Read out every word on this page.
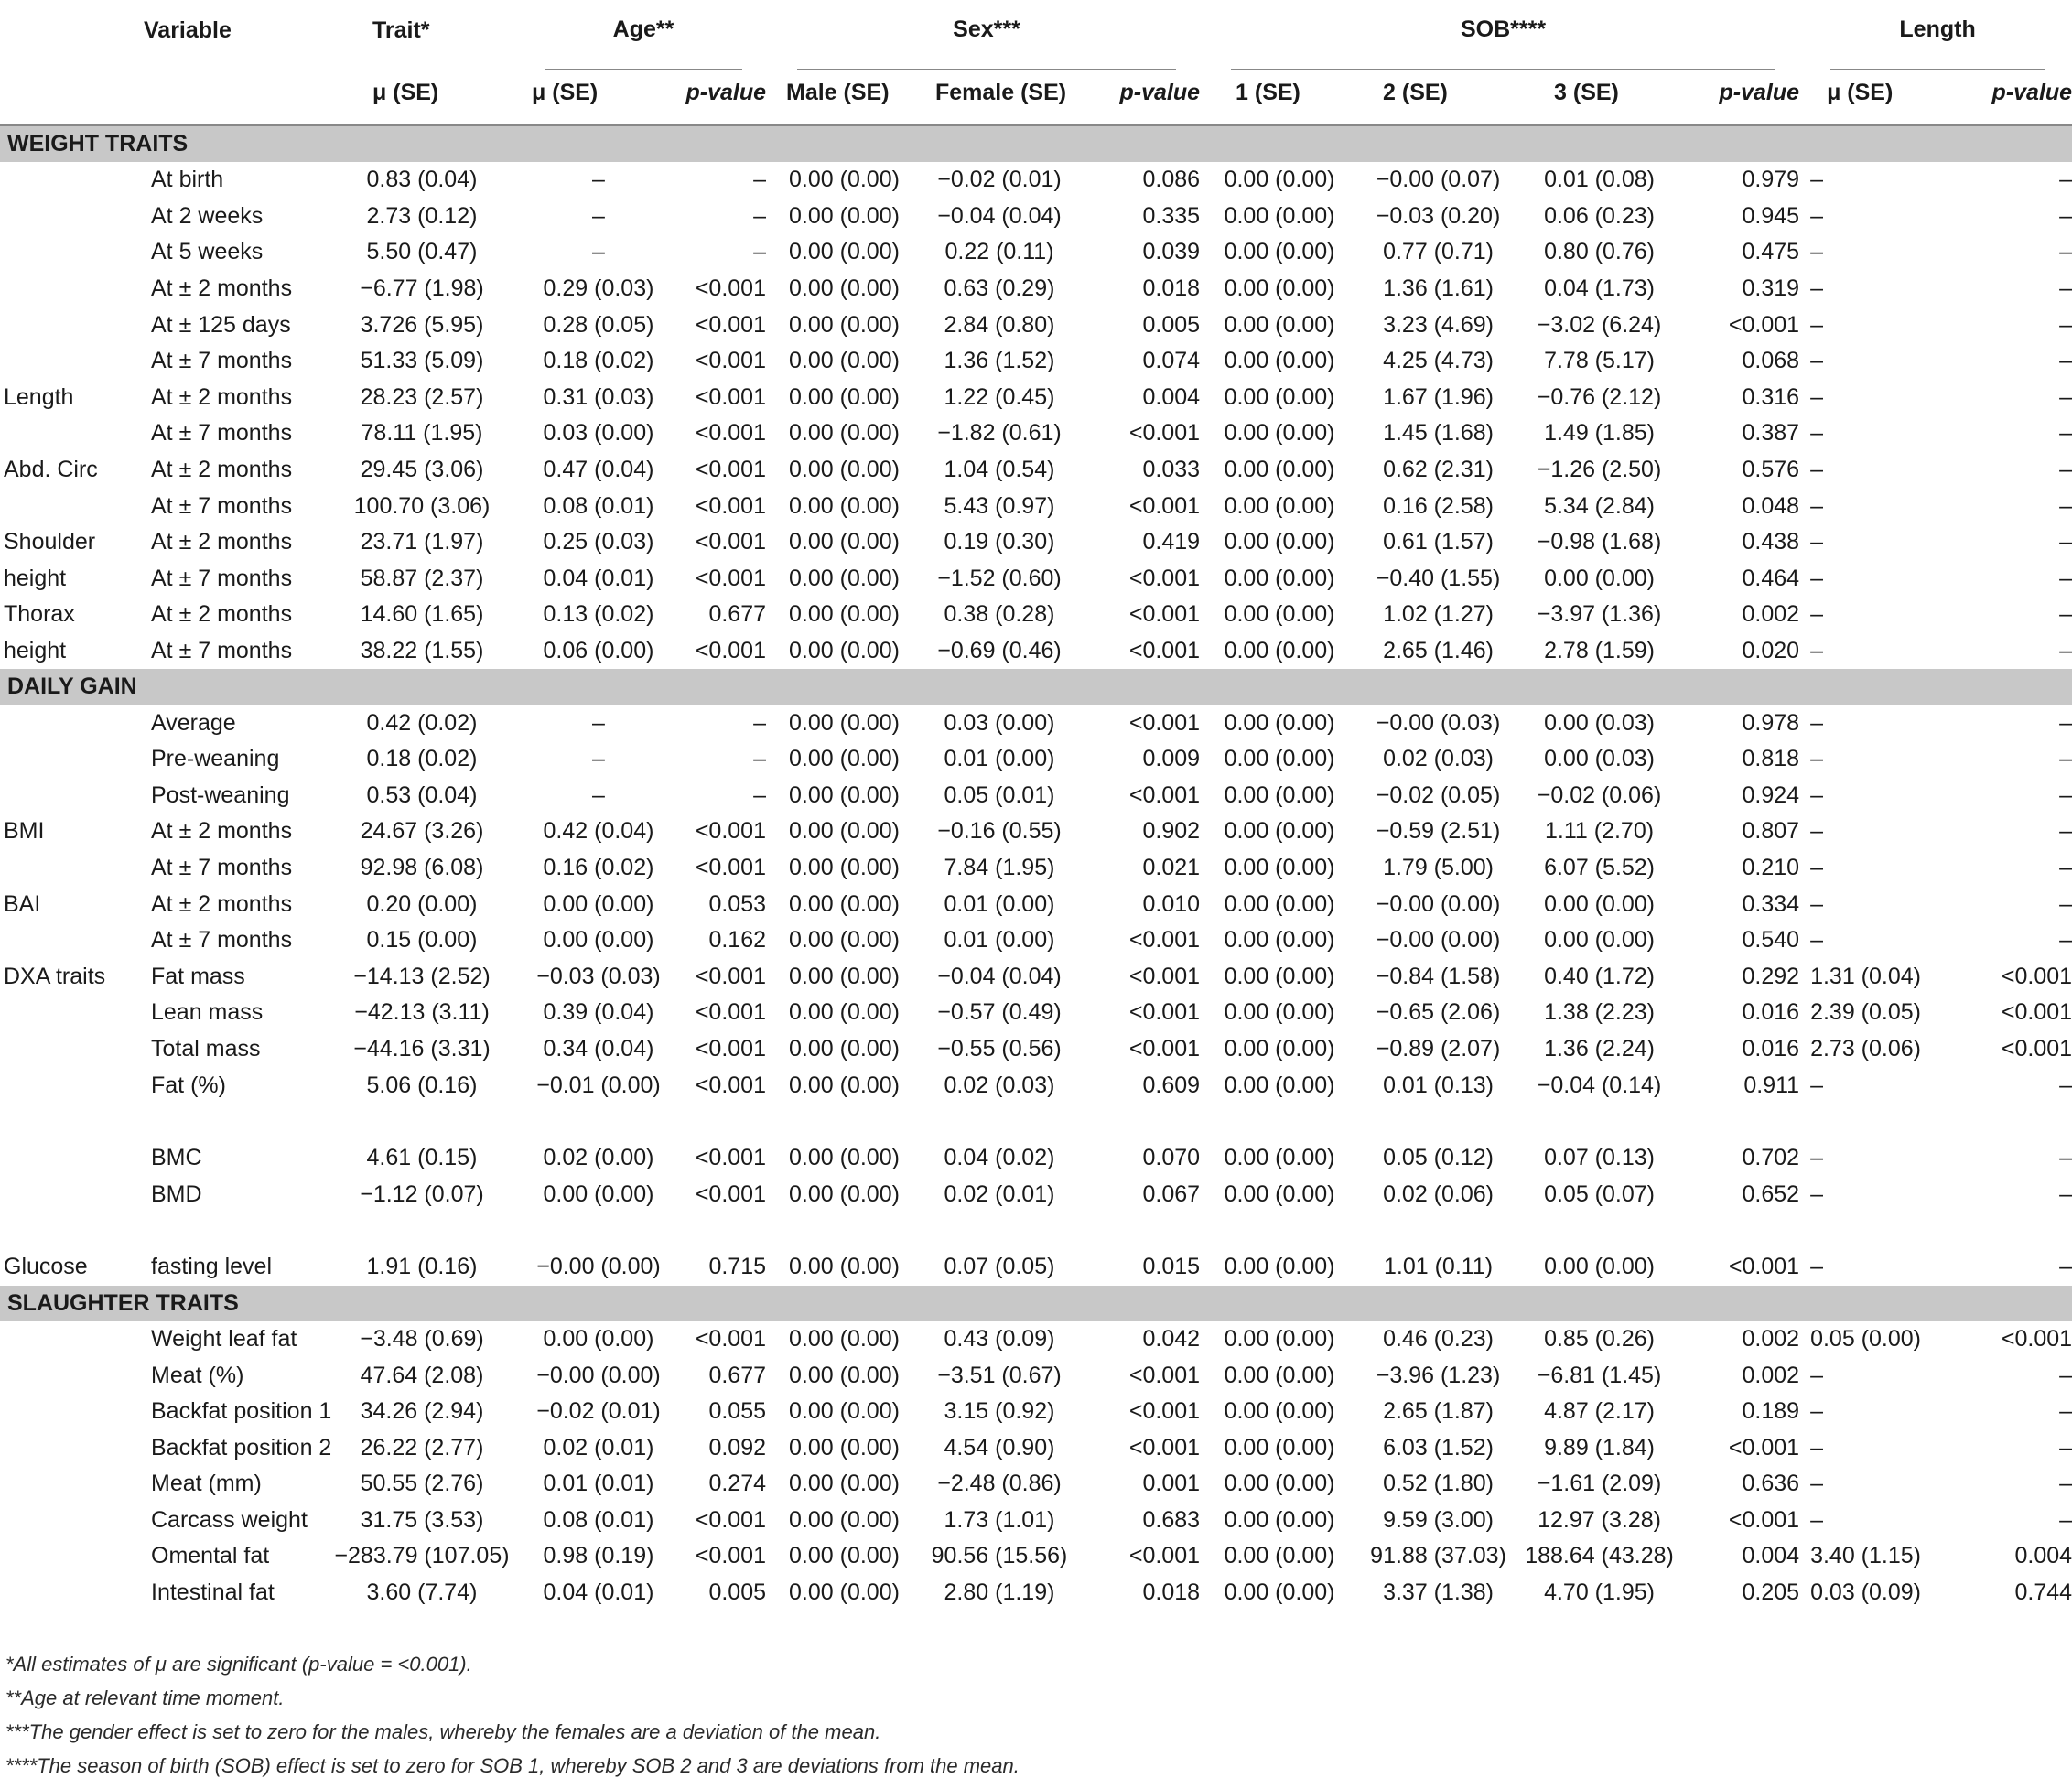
	Variable	Trait*	Age**		Sex***			SOB****				Length	

		μ (SE)	μ (SE)	p-value	Male (SE)	Female (SE)	p-value	1 (SE)	2 (SE)	3 (SE)	p-value	μ (SE)	p-value
WEIGHT TRAITS													
	At birth	0.83 (0.04)	–	–	0.00 (0.00)	−0.02 (0.01)	0.086	0.00 (0.00)	−0.00 (0.07)	0.01 (0.08)	0.979	–	–
	At 2 weeks	2.73 (0.12)	–	–	0.00 (0.00)	−0.04 (0.04)	0.335	0.00 (0.00)	−0.03 (0.20)	0.06 (0.23)	0.945	–	–
	At 5 weeks	5.50 (0.47)	–	–	0.00 (0.00)	0.22 (0.11)	0.039	0.00 (0.00)	0.77 (0.71)	0.80 (0.76)	0.475	–	–
	At ± 2 months	−6.77 (1.98)	0.29 (0.03)	<0.001	0.00 (0.00)	0.63 (0.29)	0.018	0.00 (0.00)	1.36 (1.61)	0.04 (1.73)	0.319	–	–
	At ± 125 days	3.726 (5.95)	0.28 (0.05)	<0.001	0.00 (0.00)	2.84 (0.80)	0.005	0.00 (0.00)	3.23 (4.69)	−3.02 (6.24)	<0.001	–	–
	At ± 7 months	51.33 (5.09)	0.18 (0.02)	<0.001	0.00 (0.00)	1.36 (1.52)	0.074	0.00 (0.00)	4.25 (4.73)	7.78 (5.17)	0.068	–	–
Length	At ± 2 months	28.23 (2.57)	0.31 (0.03)	<0.001	0.00 (0.00)	1.22 (0.45)	0.004	0.00 (0.00)	1.67 (1.96)	−0.76 (2.12)	0.316	–	–
	At ± 7 months	78.11 (1.95)	0.03 (0.00)	<0.001	0.00 (0.00)	−1.82 (0.61)	<0.001	0.00 (0.00)	1.45 (1.68)	1.49 (1.85)	0.387	–	–
Abd. Circ	At ± 2 months	29.45 (3.06)	0.47 (0.04)	<0.001	0.00 (0.00)	1.04 (0.54)	0.033	0.00 (0.00)	0.62 (2.31)	−1.26 (2.50)	0.576	–	–
	At ± 7 months	100.70 (3.06)	0.08 (0.01)	<0.001	0.00 (0.00)	5.43 (0.97)	<0.001	0.00 (0.00)	0.16 (2.58)	5.34 (2.84)	0.048	–	–
Shoulder	At ± 2 months	23.71 (1.97)	0.25 (0.03)	<0.001	0.00 (0.00)	0.19 (0.30)	0.419	0.00 (0.00)	0.61 (1.57)	−0.98 (1.68)	0.438	–	–
height	At ± 7 months	58.87 (2.37)	0.04 (0.01)	<0.001	0.00 (0.00)	−1.52 (0.60)	<0.001	0.00 (0.00)	−0.40 (1.55)	0.00 (0.00)	0.464	–	–
Thorax	At ± 2 months	14.60 (1.65)	0.13 (0.02)	0.677	0.00 (0.00)	0.38 (0.28)	<0.001	0.00 (0.00)	1.02 (1.27)	−3.97 (1.36)	0.002	–	–
height	At ± 7 months	38.22 (1.55)	0.06 (0.00)	<0.001	0.00 (0.00)	−0.69 (0.46)	<0.001	0.00 (0.00)	2.65 (1.46)	2.78 (1.59)	0.020	–	–
DAILY GAIN													
	Average	0.42 (0.02)	–	–	0.00 (0.00)	0.03 (0.00)	<0.001	0.00 (0.00)	−0.00 (0.03)	0.00 (0.03)	0.978	–	–
	Pre-weaning	0.18 (0.02)	–	–	0.00 (0.00)	0.01 (0.00)	0.009	0.00 (0.00)	0.02 (0.03)	0.00 (0.03)	0.818	–	–
	Post-weaning	0.53 (0.04)	–	–	0.00 (0.00)	0.05 (0.01)	<0.001	0.00 (0.00)	−0.02 (0.05)	−0.02 (0.06)	0.924	–	–
BMI	At ± 2 months	24.67 (3.26)	0.42 (0.04)	<0.001	0.00 (0.00)	−0.16 (0.55)	0.902	0.00 (0.00)	−0.59 (2.51)	1.11 (2.70)	0.807	–	–
	At ± 7 months	92.98 (6.08)	0.16 (0.02)	<0.001	0.00 (0.00)	7.84 (1.95)	0.021	0.00 (0.00)	1.79 (5.00)	6.07 (5.52)	0.210	–	–
BAI	At ± 2 months	0.20 (0.00)	0.00 (0.00)	0.053	0.00 (0.00)	0.01 (0.00)	0.010	0.00 (0.00)	−0.00 (0.00)	0.00 (0.00)	0.334	–	–
	At ± 7 months	0.15 (0.00)	0.00 (0.00)	0.162	0.00 (0.00)	0.01 (0.00)	<0.001	0.00 (0.00)	−0.00 (0.00)	0.00 (0.00)	0.540	–	–
DXA traits	Fat mass	−14.13 (2.52)	−0.03 (0.03)	<0.001	0.00 (0.00)	−0.04 (0.04)	<0.001	0.00 (0.00)	−0.84 (1.58)	0.40 (1.72)	0.292	1.31 (0.04)	<0.001
	Lean mass	−42.13 (3.11)	0.39 (0.04)	<0.001	0.00 (0.00)	−0.57 (0.49)	<0.001	0.00 (0.00)	−0.65 (2.06)	1.38 (2.23)	0.016	2.39 (0.05)	<0.001
	Total mass	−44.16 (3.31)	0.34 (0.04)	<0.001	0.00 (0.00)	−0.55 (0.56)	<0.001	0.00 (0.00)	−0.89 (2.07)	1.36 (2.24)	0.016	2.73 (0.06)	<0.001
	Fat (%)	5.06 (0.16)	−0.01 (0.00)	<0.001	0.00 (0.00)	0.02 (0.03)	0.609	0.00 (0.00)	0.01 (0.13)	−0.04 (0.14)	0.911	–	–

	BMC	4.61 (0.15)	0.02 (0.00)	<0.001	0.00 (0.00)	0.04 (0.02)	0.070	0.00 (0.00)	0.05 (0.12)	0.07 (0.13)	0.702	–	–
	BMD	−1.12 (0.07)	0.00 (0.00)	<0.001	0.00 (0.00)	0.02 (0.01)	0.067	0.00 (0.00)	0.02 (0.06)	0.05 (0.07)	0.652	–	–

Glucose	fasting level	1.91 (0.16)	−0.00 (0.00)	0.715	0.00 (0.00)	0.07 (0.05)	0.015	0.00 (0.00)	1.01 (0.11)	0.00 (0.00)	<0.001	–	–
SLAUGHTER TRAITS													
	Weight leaf fat	−3.48 (0.69)	0.00 (0.00)	<0.001	0.00 (0.00)	0.43 (0.09)	0.042	0.00 (0.00)	0.46 (0.23)	0.85 (0.26)	0.002	0.05 (0.00)	<0.001
	Meat (%)	47.64 (2.08)	−0.00 (0.00)	0.677	0.00 (0.00)	−3.51 (0.67)	<0.001	0.00 (0.00)	−3.96 (1.23)	−6.81 (1.45)	0.002	–	–
	Backfat position 1	34.26 (2.94)	−0.02 (0.01)	0.055	0.00 (0.00)	3.15 (0.92)	<0.001	0.00 (0.00)	2.65 (1.87)	4.87 (2.17)	0.189	–	–
	Backfat position 2	26.22 (2.77)	0.02 (0.01)	0.092	0.00 (0.00)	4.54 (0.90)	<0.001	0.00 (0.00)	6.03 (1.52)	9.89 (1.84)	<0.001	–	–
	Meat (mm)	50.55 (2.76)	0.01 (0.01)	0.274	0.00 (0.00)	−2.48 (0.86)	0.001	0.00 (0.00)	0.52 (1.80)	−1.61 (2.09)	0.636	–	–
	Carcass weight	31.75 (3.53)	0.08 (0.01)	<0.001	0.00 (0.00)	1.73 (1.01)	0.683	0.00 (0.00)	9.59 (3.00)	12.97 (3.28)	<0.001	–	–
	Omental fat	−283.79 (107.05)	0.98 (0.19)	<0.001	0.00 (0.00)	90.56 (15.56)	<0.001	0.00 (0.00)	91.88 (37.03)	188.64 (43.28)	0.004	3.40 (1.15)	0.004
	Intestinal fat	3.60 (7.74)	0.04 (0.01)	0.005	0.00 (0.00)	2.80 (1.19)	0.018	0.00 (0.00)	3.37 (1.38)	4.70 (1.95)	0.205	0.03 (0.09)	0.744
*All estimates of μ are significant (p-value = <0.001).
**Age at relevant time moment.
***The gender effect is set to zero for the males, whereby the females are a deviation of the mean.
****The season of birth (SOB) effect is set to zero for SOB 1, whereby SOB 2 and 3 are deviations from the mean.
